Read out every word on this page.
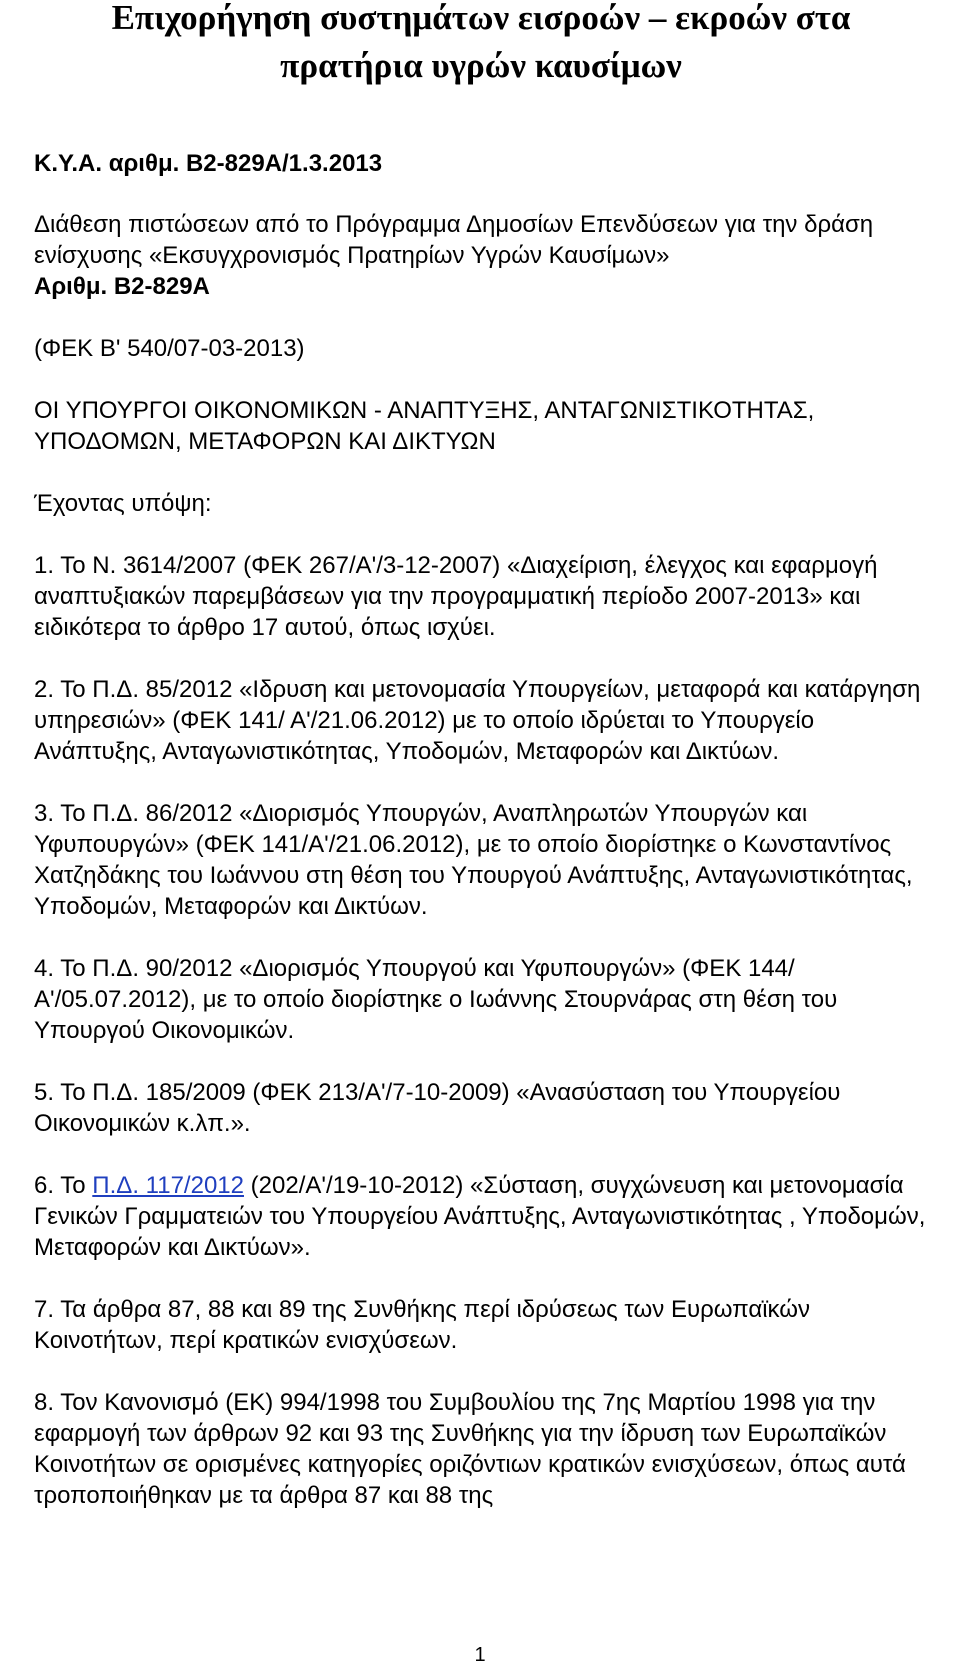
Επιχορήγηση συστημάτων εισροών – εκροών στα
πρατήρια υγρών καυσίμων

Κ.Υ.Α. αριθμ. Β2-829Α/1.3.2013

Διάθεση πιστώσεων από το Πρόγραμμα Δημοσίων Επενδύσεων για την δράση ενίσχυσης «Εκσυγχρονισμός Πρατηρίων Υγρών Καυσίμων»

Αριθμ. Β2-829Α

(ΦΕΚ Β' 540/07-03-2013)

ΟΙ ΥΠΟΥΡΓΟΙ ΟΙΚΟΝΟΜΙΚΩΝ - ΑΝΑΠΤΥΞΗΣ, ΑΝΤΑΓΩΝΙΣΤΙΚΟΤΗΤΑΣ, ΥΠΟΔΟΜΩΝ, ΜΕΤΑΦΟΡΩΝ ΚΑΙ ΔΙΚΤΥΩΝ

Έχοντας υπόψη:

1. Το Ν. 3614/2007 (ΦΕΚ 267/Α'/3-12-2007) «Διαχείριση, έλεγχος και εφαρμογή αναπτυξιακών παρεμβάσεων για την προγραμματική περίοδο 2007-2013» και ειδικότερα το άρθρο 17 αυτού, όπως ισχύει.

2. Το Π.Δ. 85/2012 «Ιδρυση και μετονομασία Υπουργείων, μεταφορά και κατάργηση υπηρεσιών» (ΦΕΚ 141/ Α'/21.06.2012) με το οποίο ιδρύεται το Υπουργείο Ανάπτυξης, Ανταγωνιστικότητας, Υποδομών, Μεταφορών και Δικτύων.

3. Το Π.Δ. 86/2012 «Διορισμός Υπουργών, Αναπληρωτών Υπουργών και Υφυπουργών» (ΦΕΚ 141/Α'/21.06.2012), με το οποίο διορίστηκε ο Κωνσταντίνος Χατζηδάκης του Ιωάννου στη θέση του Υπουργού Ανάπτυξης, Ανταγωνιστικότητας, Υποδομών, Μεταφορών και Δικτύων.

4. Το Π.Δ. 90/2012 «Διορισμός Υπουργού και Υφυπουργών» (ΦΕΚ 144/Α'/05.07.2012), με το οποίο διορίστηκε ο Ιωάννης Στουρνάρας στη θέση του Υπουργού Οικονομικών.

5. Το Π.Δ. 185/2009 (ΦΕΚ 213/Α'/7-10-2009) «Ανασύσταση του Υπουργείου Οικονομικών κ.λπ.».

6. Το Π.Δ. 117/2012 (202/Α'/19-10-2012) «Σύσταση, συγχώνευση και μετονομασία Γενικών Γραμματειών του Υπουργείου Ανάπτυξης, Ανταγωνιστικότητας , Υποδομών, Μεταφορών και Δικτύων».

7. Τα άρθρα 87, 88 και 89 της Συνθήκης περί ιδρύσεως των Ευρωπαϊκών Κοινοτήτων, περί κρατικών ενισχύσεων.

8. Τον Κανονισμό (ΕΚ) 994/1998 του Συμβουλίου της 7ης Μαρτίου 1998 για την εφαρμογή των άρθρων 92 και 93 της Συνθήκης για την ίδρυση των Ευρωπαϊκών Κοινοτήτων σε ορισμένες κατηγορίες οριζόντιων κρατικών ενισχύσεων, όπως αυτά τροποποιήθηκαν με τα άρθρα 87 και 88 της

1
